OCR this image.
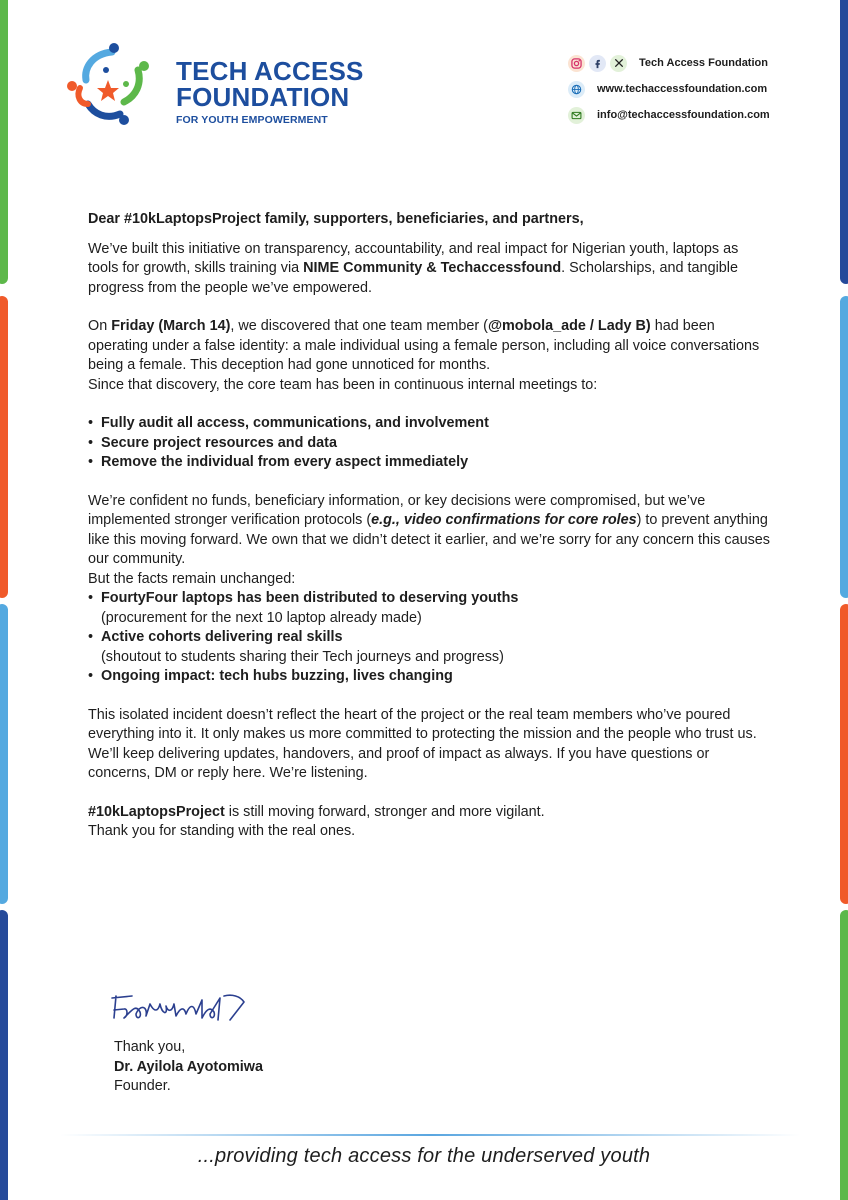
TECH ACCESS
FOUNDATION
FOR YOUTH EMPOWERMENT
Tech Access Foundation
www.techaccessfoundation.com
info@techaccessfoundation.com

Dear #10kLaptopsProject family, supporters, beneficiaries, and partners,

We’ve built this initiative on transparency, accountability, and real impact for Nigerian youth, laptops as tools for growth, skills training via NIME Community & Techaccessfound. Scholarships, and tangible progress from the people we’ve empowered.

On Friday (March 14), we discovered that one team member (@mobola_ade / Lady B) had been operating under a false identity: a male individual using a female person, including all voice conversations being a female. This deception had gone unnoticed for months.

Since that discovery, the core team has been in continuous internal meetings to:

• Fully audit all access, communications, and involvement
• Secure project resources and data
• Remove the individual from every aspect immediately

We’re confident no funds, beneficiary information, or key decisions were compromised, but we’ve implemented stronger verification protocols (e.g., video confirmations for core roles) to prevent anything like this moving forward. We own that we didn’t detect it earlier, and we’re sorry for any concern this causes our community.

But the facts remain unchanged:

• FourtyFour laptops has been distributed to deserving youths

(procurement for the next 10 laptop already made)

• Active cohorts delivering real skills

(shoutout to students sharing their Tech journeys and progress)

• Ongoing impact: tech hubs buzzing, lives changing

This isolated incident doesn’t reflect the heart of the project or the real team members who’ve poured everything into it. It only makes us more committed to protecting the mission and the people who trust us. We’ll keep delivering updates, handovers, and proof of impact as always. If you have questions or concerns, DM or reply here. We’re listening.

#10kLaptopsProject is still moving forward, stronger and more vigilant.

Thank you for standing with the real ones.

Thank you,
Dr. Ayilola Ayotomiwa
Founder.
...providing tech access for the underserved youth
